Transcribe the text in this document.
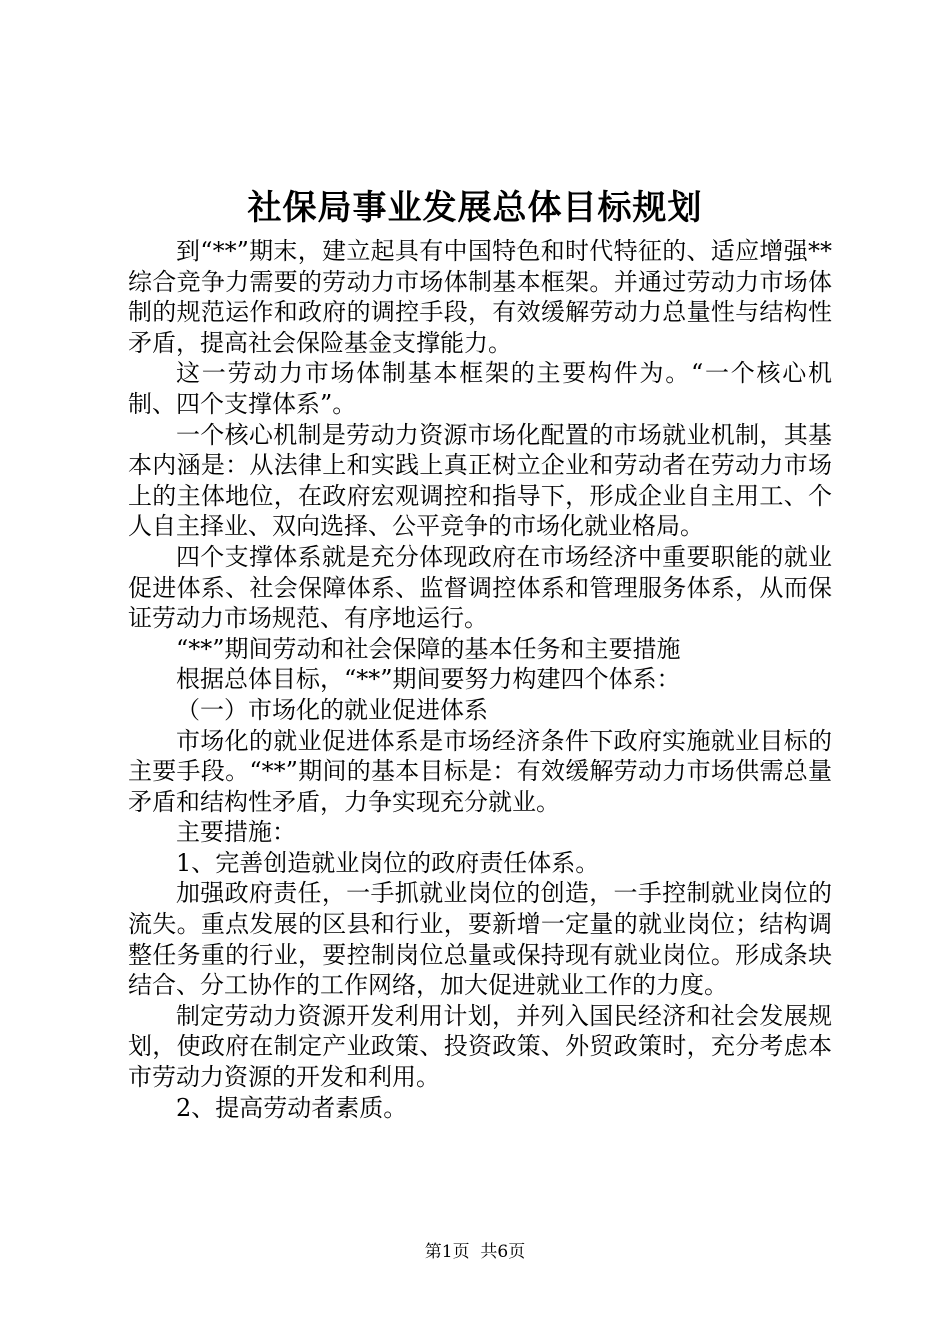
社保局事业发展总体目标规划

到“**”期末，建立起具有中国特色和时代特征的、适应增强**综合竞争力需要的劳动力市场体制基本框架。并通过劳动力市场体制的规范运作和政府的调控手段，有效缓解劳动力总量性与结构性矛盾，提高社会保险基金支撑能力。

这一劳动力市场体制基本框架的主要构件为。“一个核心机制、四个支撑体系”。

一个核心机制是劳动力资源市场化配置的市场就业机制，其基本内涵是：从法律上和实践上真正树立企业和劳动者在劳动力市场上的主体地位，在政府宏观调控和指导下，形成企业自主用工、个人自主择业、双向选择、公平竞争的市场化就业格局。

四个支撑体系就是充分体现政府在市场经济中重要职能的就业促进体系、社会保障体系、监督调控体系和管理服务体系，从而保证劳动力市场规范、有序地运行。

“**”期间劳动和社会保障的基本任务和主要措施

根据总体目标，“**”期间要努力构建四个体系：

（一）市场化的就业促进体系

市场化的就业促进体系是市场经济条件下政府实施就业目标的主要手段。“**”期间的基本目标是：有效缓解劳动力市场供需总量矛盾和结构性矛盾，力争实现充分就业。

主要措施：

1、完善创造就业岗位的政府责任体系。

加强政府责任，一手抓就业岗位的创造，一手控制就业岗位的流失。重点发展的区县和行业，要新增一定量的就业岗位；结构调整任务重的行业，要控制岗位总量或保持现有就业岗位。形成条块结合、分工协作的工作网络，加大促进就业工作的力度。

制定劳动力资源开发利用计划，并列入国民经济和社会发展规划，使政府在制定产业政策、投资政策、外贸政策时，充分考虑本市劳动力资源的开发和利用。

2、提高劳动者素质。

第1页 共6页
